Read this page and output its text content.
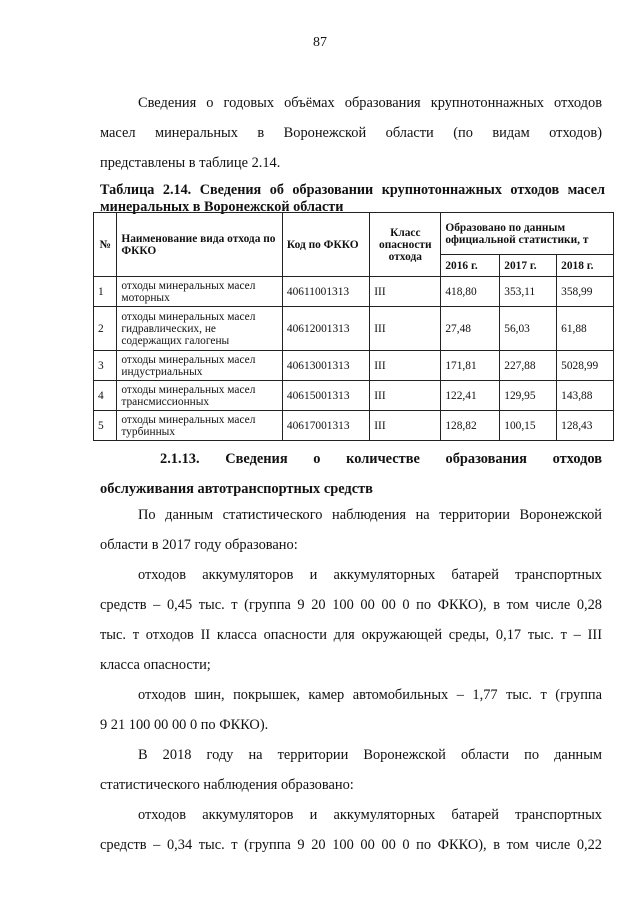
87
Сведения о годовых объёмах образования крупнотоннажных отходов
масел минеральных в Воронежской области (по видам отходов)
представлены в таблице 2.14.
Таблица 2.14. Сведения об образовании крупнотоннажных отходов масел
минеральных в Воронежской области
№	Наименование вида отхода по ФККО	Код по ФККО	Класс опасности отхода	Образовано по данным официальной статистики, т		
				2016 г.	2017 г.	2018 г.
1	отходы минеральных масел моторных	40611001313	III	418,80	353,11	358,99
2	отходы минеральных масел гидравлических, не содержащих галогены	40612001313	III	27,48	56,03	61,88
3	отходы минеральных масел индустриальных	40613001313	III	171,81	227,88	5028,99
4	отходы минеральных масел трансмиссионных	40615001313	III	122,41	129,95	143,88
5	отходы минеральных масел турбинных	40617001313	III	128,82	100,15	128,43
2.1.13. Сведения о количестве образования отходов
обслуживания автотранспортных средств
По данным статистического наблюдения на территории Воронежской
области в 2017 году образовано:
отходов аккумуляторов и аккумуляторных батарей транспортных
средств – 0,45 тыс. т (группа 9 20 100 00 00 0 по ФККО), в том числе 0,28
тыс. т отходов II класса опасности для окружающей среды, 0,17 тыс. т – III
класса опасности;
отходов шин, покрышек, камер автомобильных – 1,77 тыс. т (группа
9 21 100 00 00 0 по ФККО).
В 2018 году на территории Воронежской области по данным
статистического наблюдения образовано:
отходов аккумуляторов и аккумуляторных батарей транспортных
средств – 0,34 тыс. т (группа 9 20 100 00 00 0 по ФККО), в том числе 0,22
